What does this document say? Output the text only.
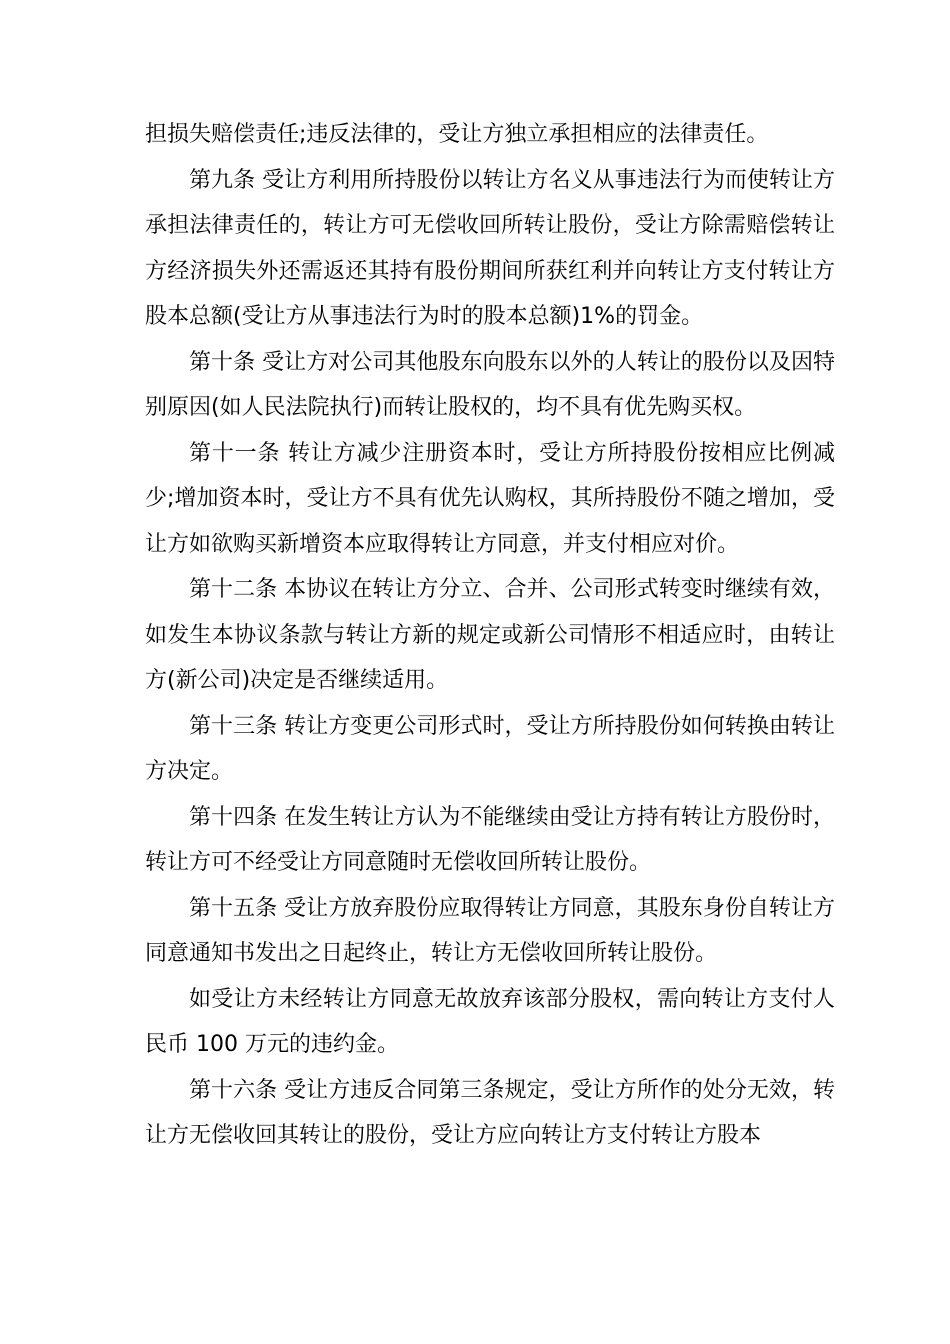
担损失赔偿责任;违反法律的，受让方独立承担相应的法律责任。

第九条 受让方利用所持股份以转让方名义从事违法行为而使转让方承担法律责任的，转让方可无偿收回所转让股份，受让方除需赔偿转让方经济损失外还需返还其持有股份期间所获红利并向转让方支付转让方股本总额(受让方从事违法行为时的股本总额)1%的罚金。

第十条 受让方对公司其他股东向股东以外的人转让的股份以及因特别原因(如人民法院执行)而转让股权的，均不具有优先购买权。

第十一条 转让方减少注册资本时，受让方所持股份按相应比例减少;增加资本时，受让方不具有优先认购权，其所持股份不随之增加，受让方如欲购买新增资本应取得转让方同意，并支付相应对价。

第十二条 本协议在转让方分立、合并、公司形式转变时继续有效，如发生本协议条款与转让方新的规定或新公司情形不相适应时，由转让方(新公司)决定是否继续适用。

第十三条 转让方变更公司形式时，受让方所持股份如何转换由转让方决定。

第十四条 在发生转让方认为不能继续由受让方持有转让方股份时，转让方可不经受让方同意随时无偿收回所转让股份。

第十五条 受让方放弃股份应取得转让方同意，其股东身份自转让方同意通知书发出之日起终止，转让方无偿收回所转让股份。

如受让方未经转让方同意无故放弃该部分股权，需向转让方支付人民币 100 万元的违约金。

第十六条 受让方违反合同第三条规定，受让方所作的处分无效，转让方无偿收回其转让的股份，受让方应向转让方支付转让方股本
